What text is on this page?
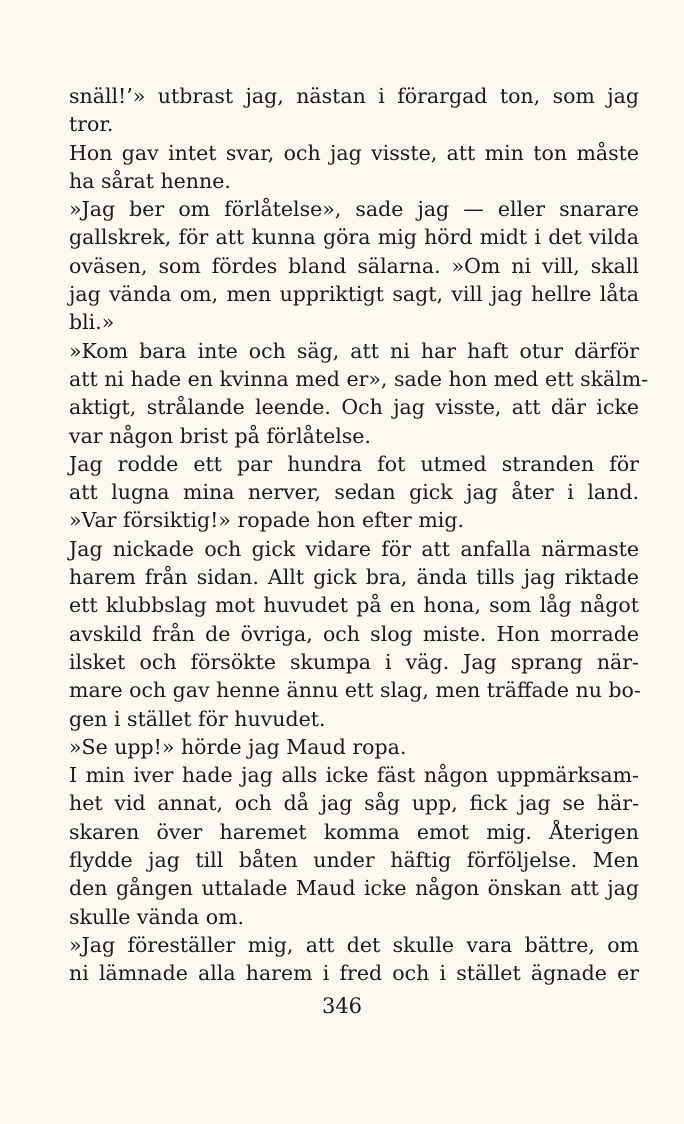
snäll!’» utbrast jag, nästan i förargad ton, som jag
tror.
Hon gav intet svar, och jag visste, att min ton måste
ha sårat henne.
»Jag ber om förlåtelse», sade jag — eller snarare
gallskrek, för att kunna göra mig hörd midt i det vilda
oväsen, som fördes bland sälarna. »Om ni vill, skall
jag vända om, men uppriktigt sagt, vill jag hellre låta
bli.»
»Kom bara inte och säg, att ni har haft otur därför
att ni hade en kvinna med er», sade hon med ett skälm-
aktigt, strålande leende. Och jag visste, att där icke
var någon brist på förlåtelse.
Jag rodde ett par hundra fot utmed stranden för
att lugna mina nerver, sedan gick jag åter i land.
»Var försiktig!» ropade hon efter mig.
Jag nickade och gick vidare för att anfalla närmaste
harem från sidan. Allt gick bra, ända tills jag riktade
ett klubbslag mot huvudet på en hona, som låg något
avskild från de övriga, och slog miste. Hon morrade
ilsket och försökte skumpa i väg. Jag sprang när-
mare och gav henne ännu ett slag, men träffade nu bo-
gen i stället för huvudet.
»Se upp!» hörde jag Maud ropa.
I min iver hade jag alls icke fäst någon uppmärksam-
het vid annat, och då jag såg upp, fick jag se här-
skaren över haremet komma emot mig. Återigen
flydde jag till båten under häftig förföljelse. Men
den gången uttalade Maud icke någon önskan att jag
skulle vända om.
»Jag föreställer mig, att det skulle vara bättre, om
ni lämnade alla harem i fred och i stället ägnade er
346
